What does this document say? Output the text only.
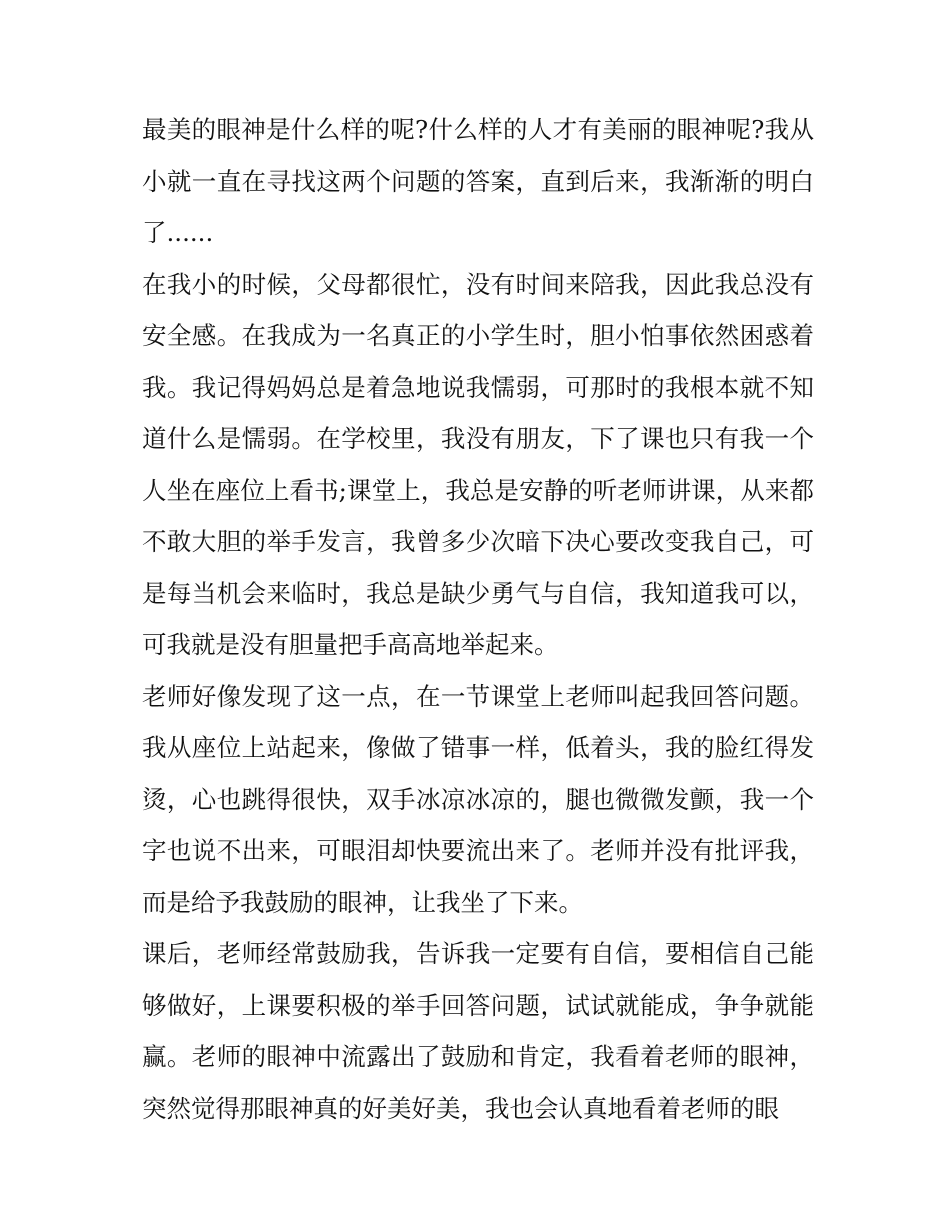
最美的眼神是什么样的呢?什么样的人才有美丽的眼神呢?我从小就一直在寻找这两个问题的答案，直到后来，我渐渐的明白了......

在我小的时候，父母都很忙，没有时间来陪我，因此我总没有安全感。在我成为一名真正的小学生时，胆小怕事依然困惑着我。我记得妈妈总是着急地说我懦弱，可那时的我根本就不知道什么是懦弱。在学校里，我没有朋友，下了课也只有我一个人坐在座位上看书;课堂上，我总是安静的听老师讲课，从来都不敢大胆的举手发言，我曾多少次暗下决心要改变我自己，可是每当机会来临时，我总是缺少勇气与自信，我知道我可以，可我就是没有胆量把手高高地举起来。

老师好像发现了这一点，在一节课堂上老师叫起我回答问题。我从座位上站起来，像做了错事一样，低着头，我的脸红得发烫，心也跳得很快，双手冰凉冰凉的，腿也微微发颤，我一个字也说不出来，可眼泪却快要流出来了。老师并没有批评我，而是给予我鼓励的眼神，让我坐了下来。

课后，老师经常鼓励我，告诉我一定要有自信，要相信自己能够做好，上课要积极的举手回答问题，试试就能成，争争就能赢。老师的眼神中流露出了鼓励和肯定，我看着老师的眼神，突然觉得那眼神真的好美好美，我也会认真地看着老师的眼
